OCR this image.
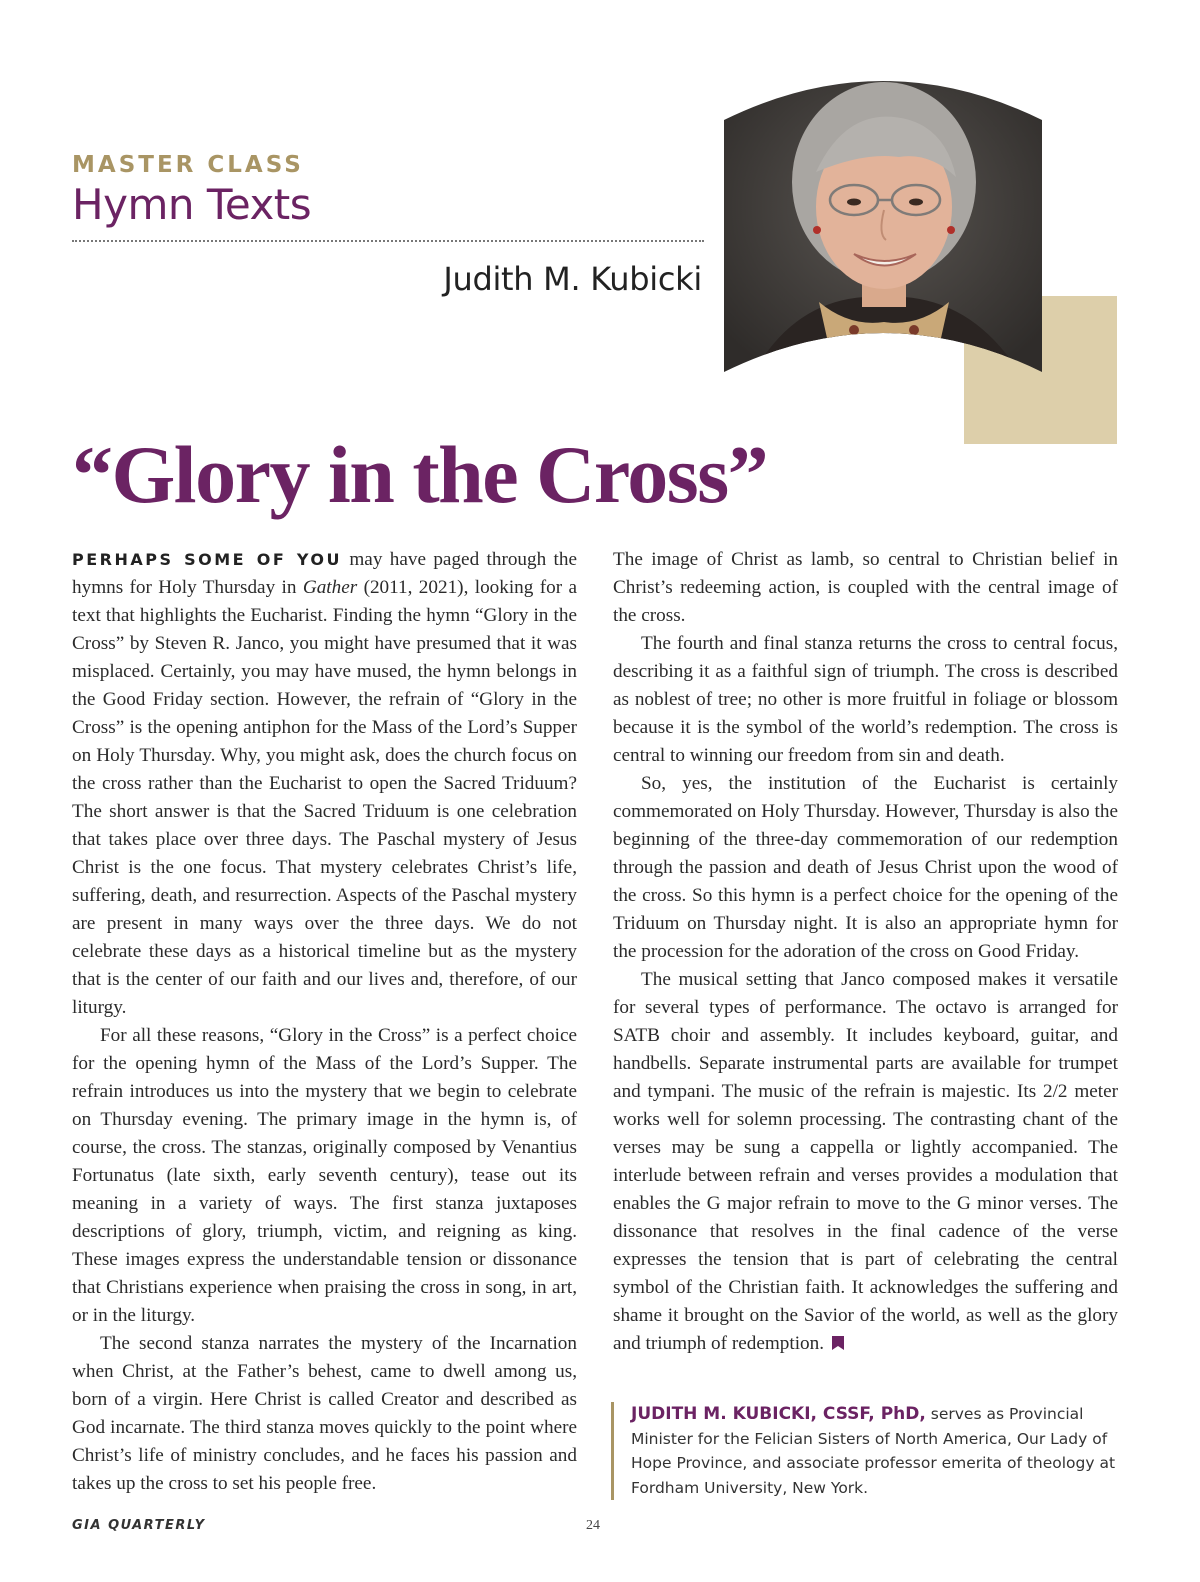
MASTER CLASS
Hymn Texts
Judith M. Kubicki
“Glory in the Cross”

PERHAPS SOME OF YOU may have paged through the hymns for Holy Thursday in Gather (2011, 2021), looking for a text that highlights the Eucharist. Finding the hymn “Glory in the Cross” by Steven R. Janco, you might have presumed that it was misplaced. Certainly, you may have mused, the hymn belongs in the Good Friday section. However, the refrain of “Glory in the Cross” is the opening antiphon for the Mass of the Lord’s Supper on Holy Thursday. Why, you might ask, does the church focus on the cross rather than the Eucharist to open the Sacred Triduum? The short answer is that the Sacred Triduum is one celebration that takes place over three days. The Paschal mystery of Jesus Christ is the one focus. That mystery celebrates Christ’s life, suffering, death, and resurrection. Aspects of the Paschal mystery are present in many ways over the three days. We do not celebrate these days as a historical timeline but as the mystery that is the center of our faith and our lives and, therefore, of our liturgy.

For all these reasons, “Glory in the Cross” is a perfect choice for the opening hymn of the Mass of the Lord’s Supper. The refrain introduces us into the mystery that we begin to celebrate on Thursday evening. The primary image in the hymn is, of course, the cross. The stanzas, originally composed by Venantius Fortunatus (late sixth, early seventh century), tease out its meaning in a variety of ways. The first stanza juxtaposes descriptions of glory, triumph, victim, and reigning as king. These images express the understandable tension or dissonance that Christians experience when praising the cross in song, in art, or in the liturgy.

The second stanza narrates the mystery of the Incarnation when Christ, at the Father’s behest, came to dwell among us, born of a virgin. Here Christ is called Creator and described as God incarnate. The third stanza moves quickly to the point where Christ’s life of ministry concludes, and he faces his passion and takes up the cross to set his people free.

The image of Christ as lamb, so central to Christian belief in Christ’s redeeming action, is coupled with the central image of the cross.

The fourth and final stanza returns the cross to central focus, describing it as a faithful sign of triumph. The cross is described as noblest of tree; no other is more fruitful in foliage or blossom because it is the symbol of the world’s redemption. The cross is central to winning our freedom from sin and death.

So, yes, the institution of the Eucharist is certainly commemorated on Holy Thursday. However, Thursday is also the beginning of the three-day commemoration of our redemption through the passion and death of Jesus Christ upon the wood of the cross. So this hymn is a perfect choice for the opening of the Triduum on Thursday night. It is also an appropriate hymn for the procession for the adoration of the cross on Good Friday.

The musical setting that Janco composed makes it versatile for several types of performance. The octavo is arranged for SATB choir and assembly. It includes keyboard, guitar, and handbells. Separate instrumental parts are available for trumpet and tympani. The music of the refrain is majestic. Its 2/2 meter works well for solemn processing. The contrasting chant of the verses may be sung a cappella or lightly accompanied. The interlude between refrain and verses provides a modulation that enables the G major refrain to move to the G minor verses. The dissonance that resolves in the final cadence of the verse expresses the tension that is part of celebrating the central symbol of the Christian faith. It acknowledges the suffering and shame it brought on the Savior of the world, as well as the glory and triumph of redemption.

JUDITH M. KUBICKI, CSSF, PhD, serves as Provincial Minister for the Felician Sisters of North America, Our Lady of Hope Province, and associate professor emerita of theology at Fordham University, New York.
GIA QUARTERLY	24
